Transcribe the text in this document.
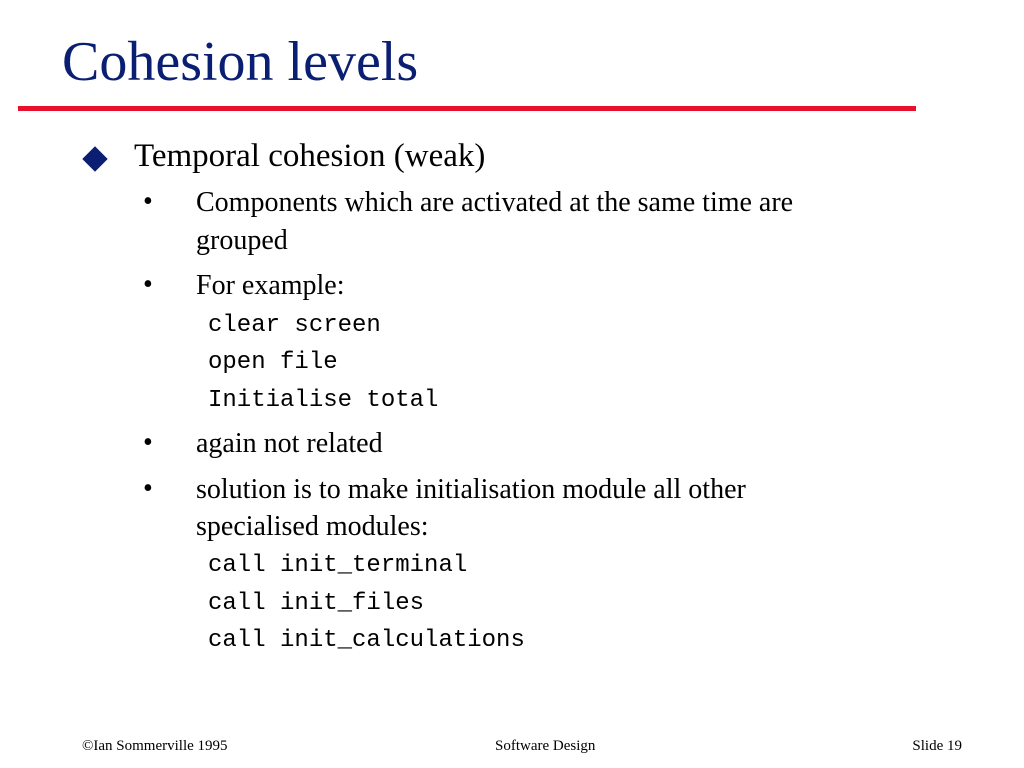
Cohesion levels
Temporal cohesion (weak)
• Components which are activated at the same time are
grouped
• For example:
clear screen
open file
Initialise total
• again not related
• solution is to make initialisation module all other
specialised modules:
call init_terminal
call init_files
call init_calculations
©Ian Sommerville 1995	Software Design	Slide 19
